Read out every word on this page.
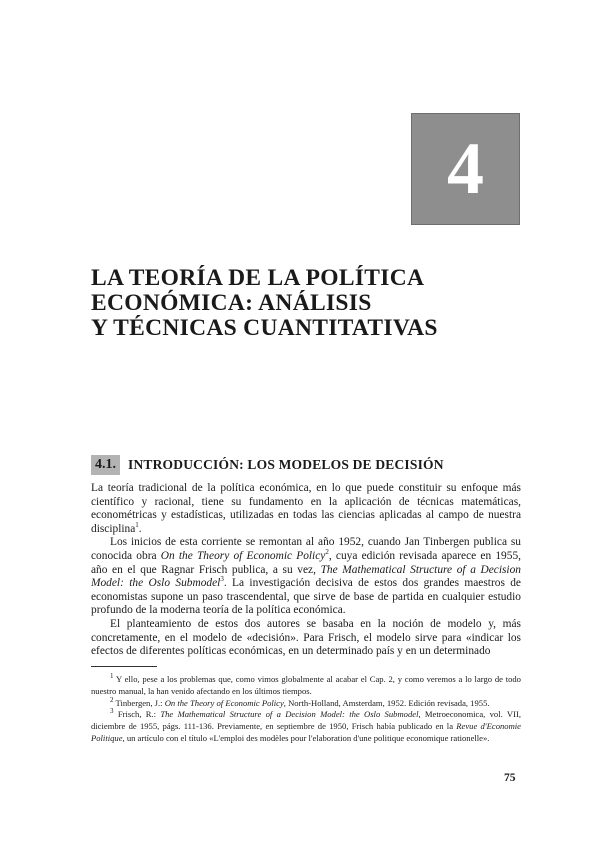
4
LA TEORÍA DE LA POLÍTICA
ECONÓMICA: ANÁLISIS
Y TÉCNICAS CUANTITATIVAS
4.1. INTRODUCCIÓN: LOS MODELOS DE DECISIÓN

La teoría tradicional de la política económica, en lo que puede constituir su enfoque más científico y racional, tiene su fundamento en la aplicación de técnicas matemáticas, econométricas y estadísticas, utilizadas en todas las ciencias aplicadas al campo de nuestra disciplina$^1$.

Los inicios de esta corriente se remontan al año 1952, cuando Jan Tinbergen publica su conocida obra On the Theory of Economic Policy$^2$, cuya edición revisada aparece en 1955, año en el que Ragnar Frisch publica, a su vez, The Mathematical Structure of a Decision Model: the Oslo Submodel$^3$. La investigación decisiva de estos dos grandes maestros de economistas supone un paso trascendental, que sirve de base de partida en cualquier estudio profundo de la moderna teoría de la política económica.

El planteamiento de estos dos autores se basaba en la noción de modelo y, más concretamente, en el modelo de «decisión». Para Frisch, el modelo sirve para «indicar los efectos de diferentes políticas económicas, en un determinado país y en un determinado

$^1$ Y ello, pese a los problemas que, como vimos globalmente al acabar el Cap. 2, y como veremos a lo largo de todo nuestro manual, la han venido afectando en los últimos tiempos.

$^2$ Tinbergen, J.: On the Theory of Economic Policy, North-Holland, Amsterdam, 1952. Edición revisada, 1955.

$^3$ Frisch, R.: The Mathematical Structure of a Decision Model: the Oslo Submodel, Metroeconomica, vol. VII, diciembre de 1955, págs. 111-136. Previamente, en septiembre de 1950, Frisch había publicado en la Revue d'Economie Politique, un artículo con el título «L'emploi des modèles pour l'elaboration d'une politique economique rationelle».

75
